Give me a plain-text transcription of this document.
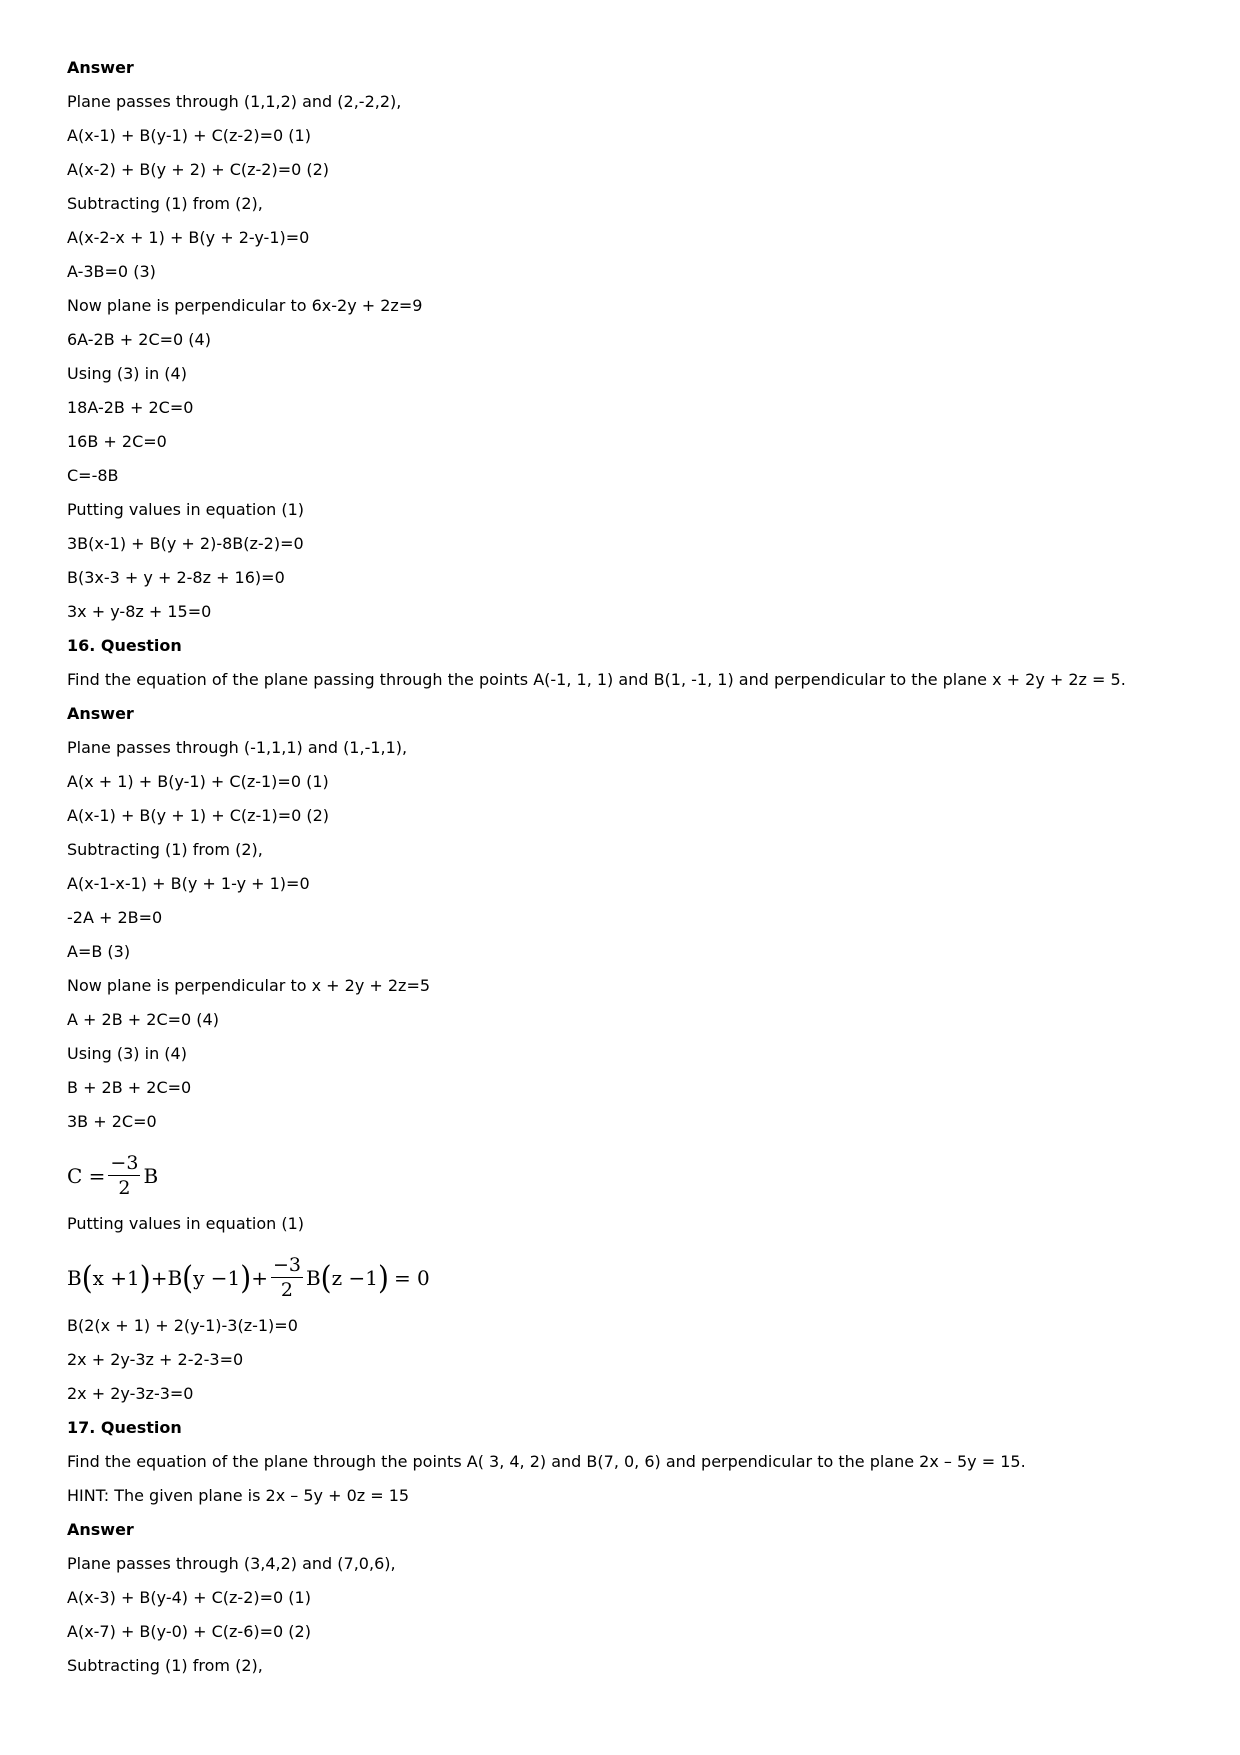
Answer

Plane passes through (1,1,2) and (2,-2,2),

A(x-1) + B(y-1) + C(z-2)=0 (1)

A(x-2) + B(y + 2) + C(z-2)=0 (2)

Subtracting (1) from (2),

A(x-2-x + 1) + B(y + 2-y-1)=0

A-3B=0 (3)

Now plane is perpendicular to 6x-2y + 2z=9

6A-2B + 2C=0 (4)

Using (3) in (4)

18A-2B + 2C=0

16B + 2C=0

C=-8B

Putting values in equation (1)

3B(x-1) + B(y + 2)-8B(z-2)=0

B(3x-3 + y + 2-8z + 16)=0

3x + y-8z + 15=0

16. Question

Find the equation of the plane passing through the points A(-1, 1, 1) and B(1, -1, 1) and perpendicular to the plane x + 2y + 2z = 5.

Answer

Plane passes through (-1,1,1) and (1,-1,1),

A(x + 1) + B(y-1) + C(z-1)=0 (1)

A(x-1) + B(y + 1) + C(z-1)=0 (2)

Subtracting (1) from (2),

A(x-1-x-1) + B(y + 1-y + 1)=0

-2A + 2B=0

A=B (3)

Now plane is perpendicular to x + 2y + 2z=5

A + 2B + 2C=0 (4)

Using (3) in (4)

B + 2B + 2C=0

3B + 2C=0

$C = \frac{-3}{2}$ B

Putting values in equation (1)

B ( x +1 ) +B ( y −1 ) + $\frac{-3}{2}$ B ( z −1 ) = 0

B(2(x + 1) + 2(y-1)-3(z-1)=0

2x + 2y-3z + 2-2-3=0

2x + 2y-3z-3=0

17. Question

Find the equation of the plane through the points A( 3, 4, 2) and B(7, 0, 6) and perpendicular to the plane 2x – 5y = 15.

HINT: The given plane is 2x – 5y + 0z = 15

Answer

Plane passes through (3,4,2) and (7,0,6),

A(x-3) + B(y-4) + C(z-2)=0 (1)

A(x-7) + B(y-0) + C(z-6)=0 (2)

Subtracting (1) from (2),
